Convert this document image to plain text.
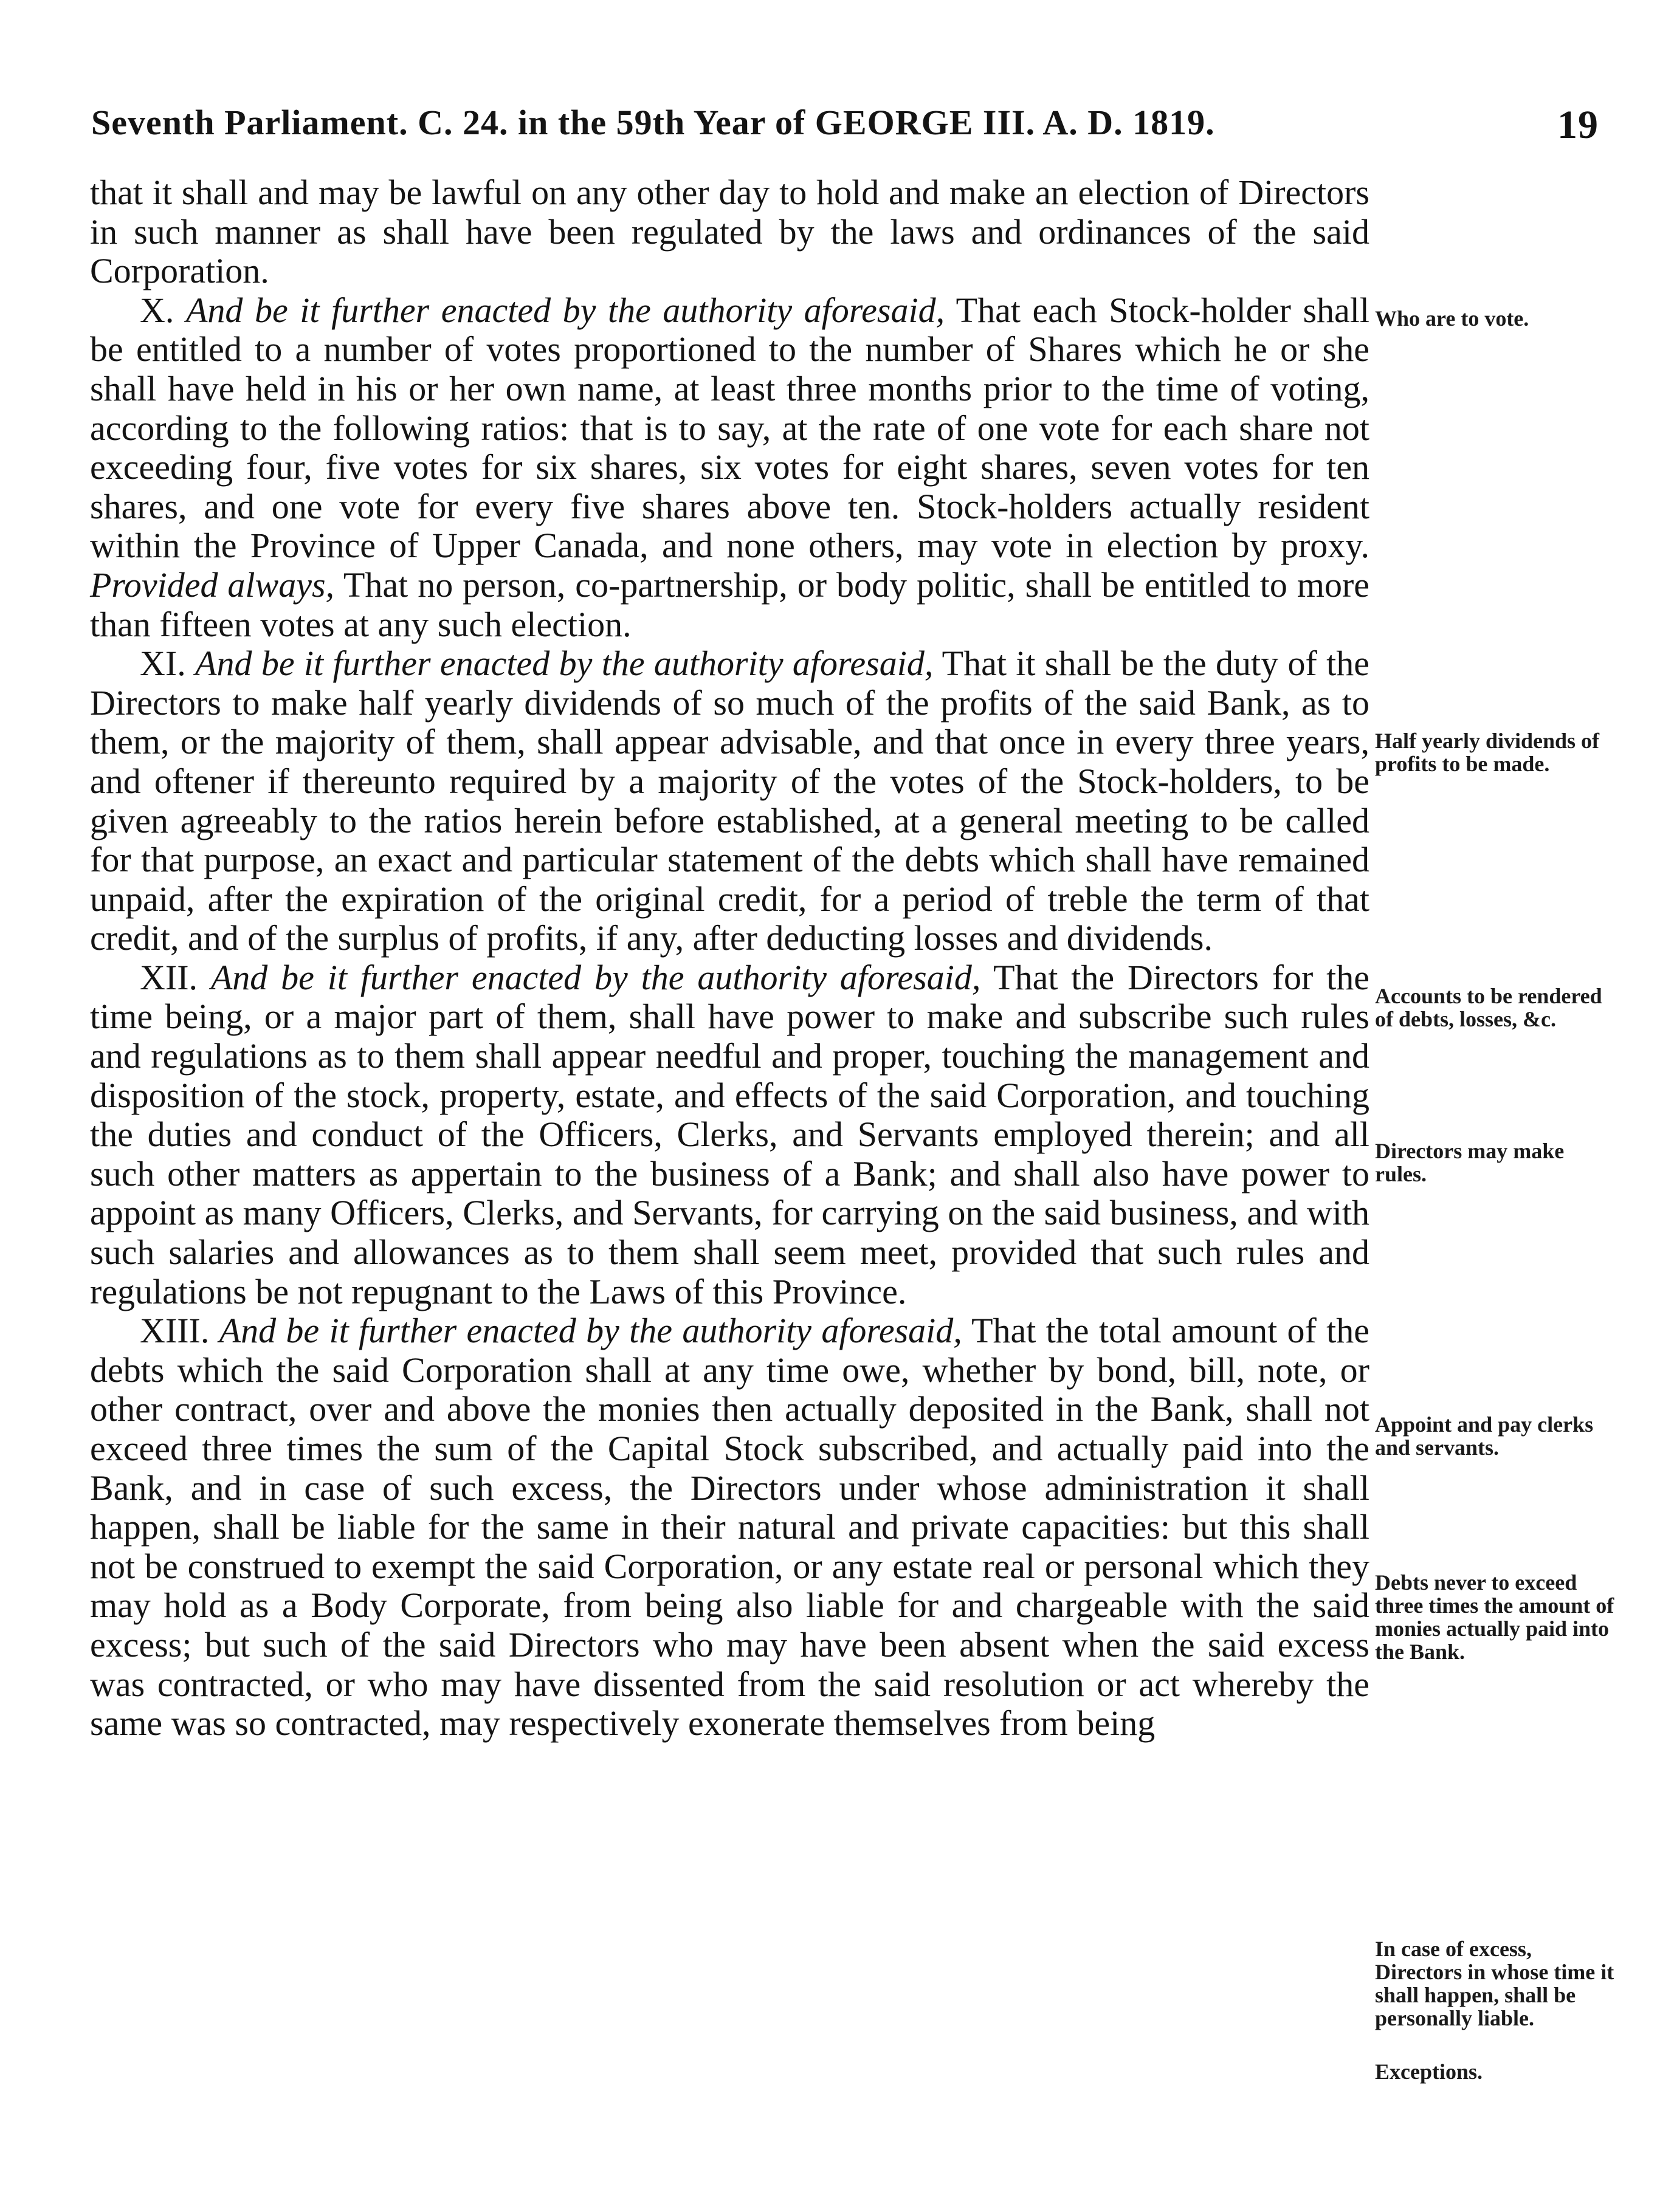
Seventh Parliament. C. 24. in the 59th Year of GEORGE III. A. D. 1819.	19

that it shall and may be lawful on any other day to hold and make an election of Directors in such manner as shall have been regulated by the laws and ordinances of the said Corporation.

X. And be it further enacted by the authority aforesaid, That each Stock-holder shall be entitled to a number of votes proportioned to the number of Shares which he or she shall have held in his or her own name, at least three months prior to the time of voting, according to the following ratios: that is to say, at the rate of one vote for each share not exceeding four, five votes for six shares, six votes for eight shares, seven votes for ten shares, and one vote for every five shares above ten. Stock-holders actually resident within the Province of Upper Canada, and none others, may vote in election by proxy. Provided always, That no person, co-partnership, or body politic, shall be entitled to more than fifteen votes at any such election.

XI. And be it further enacted by the authority aforesaid, That it shall be the duty of the Directors to make half yearly dividends of so much of the profits of the said Bank, as to them, or the majority of them, shall appear advisable, and that once in every three years, and oftener if thereunto required by a majority of the votes of the Stock-holders, to be given agreeably to the ratios herein before established, at a general meeting to be called for that purpose, an exact and particular statement of the debts which shall have remained unpaid, after the expiration of the original credit, for a period of treble the term of that credit, and of the surplus of profits, if any, after deducting losses and dividends.

XII. And be it further enacted by the authority aforesaid, That the Directors for the time being, or a major part of them, shall have power to make and subscribe such rules and regulations as to them shall appear needful and proper, touching the management and disposition of the stock, property, estate, and effects of the said Corporation, and touching the duties and conduct of the Officers, Clerks, and Servants employed therein; and all such other matters as appertain to the business of a Bank; and shall also have power to appoint as many Officers, Clerks, and Servants, for carrying on the said business, and with such salaries and allowances as to them shall seem meet, provided that such rules and regulations be not repugnant to the Laws of this Province.

XIII. And be it further enacted by the authority aforesaid, That the total amount of the debts which the said Corporation shall at any time owe, whether by bond, bill, note, or other contract, over and above the monies then actually deposited in the Bank, shall not exceed three times the sum of the Capital Stock subscribed, and actually paid into the Bank, and in case of such excess, the Directors under whose administration it shall happen, shall be liable for the same in their natural and private capacities: but this shall not be construed to exempt the said Corporation, or any estate real or personal which they may hold as a Body Corporate, from being also liable for and chargeable with the said excess; but such of the said Directors who may have been absent when the said excess was contracted, or who may have dissented from the said resolution or act whereby the same was so contracted, may respectively exonerate themselves from being

Who are to vote.
Half yearly dividends of profits to be made.
Accounts to be rendered of debts, losses, &c.
Directors may make rules.
Appoint and pay clerks and servants.
Debts never to exceed three times the amount of monies actually paid into the Bank.
In case of excess, Directors in whose time it shall happen, shall be personally liable.
Exceptions.
